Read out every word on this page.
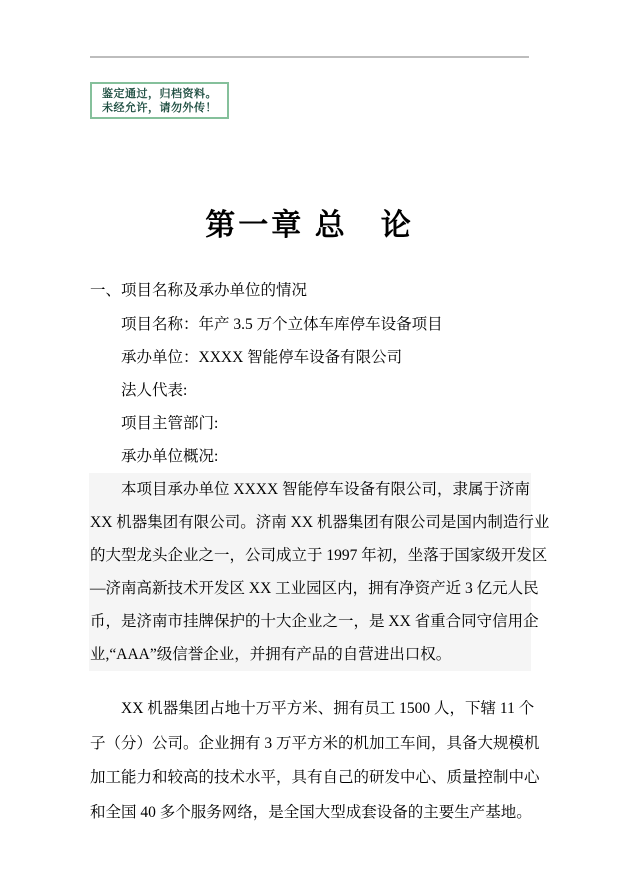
鉴定通过，归档资料。
未经允许，请勿外传！
第一章 总　论
一、项目名称及承办单位的情况
项目名称：年产 3.5 万个立体车库停车设备项目
承办单位：XXXX 智能停车设备有限公司
法人代表:
项目主管部门:
承办单位概况:
本项目承办单位 XXXX 智能停车设备有限公司，隶属于济南
XX 机器集团有限公司。济南 XX 机器集团有限公司是国内制造行业
的大型龙头企业之一，公司成立于 1997 年初，坐落于国家级开发区
—济南高新技术开发区 XX 工业园区内，拥有净资产近 3 亿元人民
币，是济南市挂牌保护的十大企业之一，是 XX 省重合同守信用企
业,“AAA”级信誉企业，并拥有产品的自营进出口权。
XX 机器集团占地十万平方米、拥有员工 1500 人，下辖 11 个
子（分）公司。企业拥有 3 万平方米的机加工车间，具备大规模机
加工能力和较高的技术水平，具有自己的研发中心、质量控制中心
和全国 40 多个服务网络，是全国大型成套设备的主要生产基地。
